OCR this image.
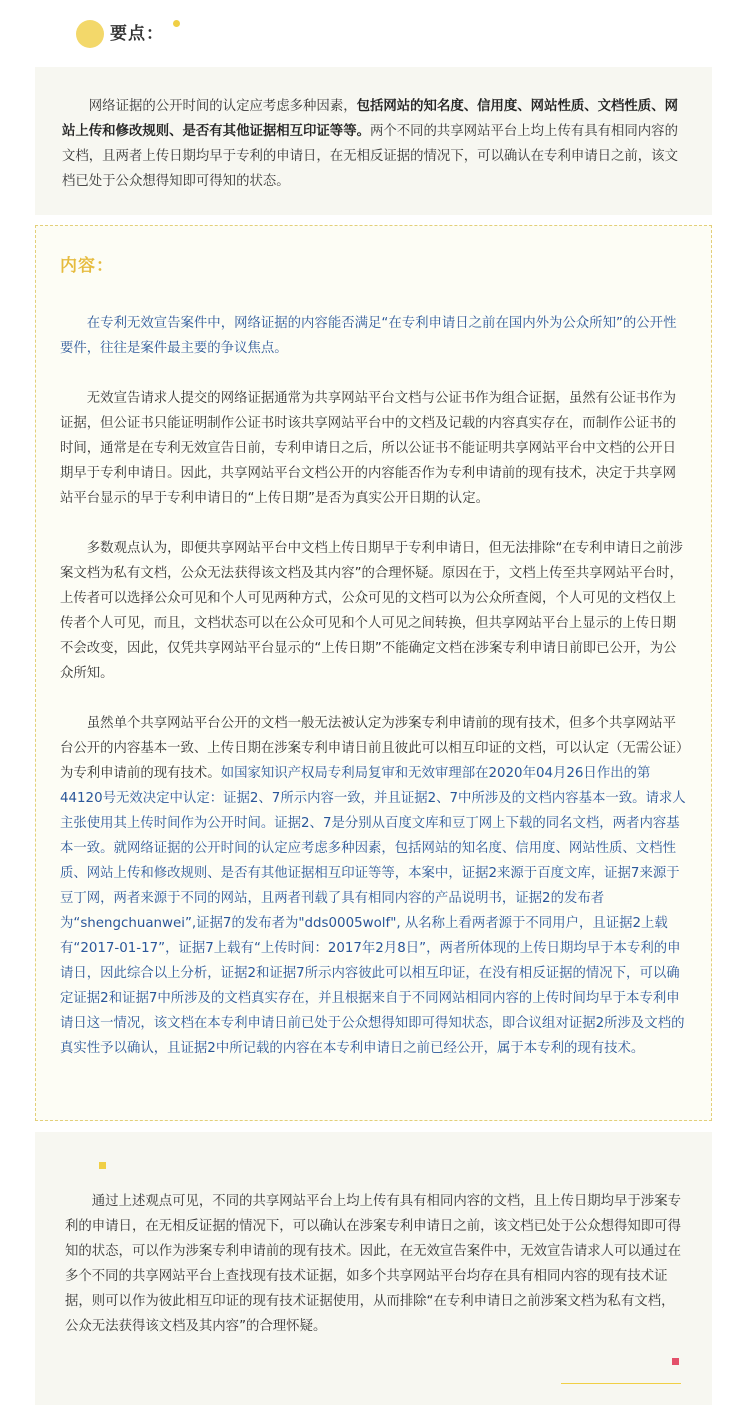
要点：

网络证据的公开时间的认定应考虑多种因素，包括网站的知名度、信用度、网站性质、文档性质、网站上传和修改规则、是否有其他证据相互印证等等。两个不同的共享网站平台上均上传有具有相同内容的文档，且两者上传日期均早于专利的申请日，在无相反证据的情况下，可以确认在专利申请日之前，该文档已处于公众想得知即可得知的状态。

内容：

在专利无效宣告案件中，网络证据的内容能否满足“在专利申请日之前在国内外为公众所知”的公开性要件，往往是案件最主要的争议焦点。

无效宣告请求人提交的网络证据通常为共享网站平台文档与公证书作为组合证据，虽然有公证书作为证据，但公证书只能证明制作公证书时该共享网站平台中的文档及记载的内容真实存在，而制作公证书的时间，通常是在专利无效宣告日前，专利申请日之后，所以公证书不能证明共享网站平台中文档的公开日期早于专利申请日。因此，共享网站平台文档公开的内容能否作为专利申请前的现有技术，决定于共享网站平台显示的早于专利申请日的“上传日期”是否为真实公开日期的认定。

多数观点认为，即便共享网站平台中文档上传日期早于专利申请日，但无法排除“在专利申请日之前涉案文档为私有文档，公众无法获得该文档及其内容”的合理怀疑。原因在于，文档上传至共享网站平台时，上传者可以选择公众可见和个人可见两种方式，公众可见的文档可以为公众所查阅，个人可见的文档仅上传者个人可见，而且，文档状态可以在公众可见和个人可见之间转换，但共享网站平台上显示的上传日期不会改变，因此，仅凭共享网站平台显示的“上传日期”不能确定文档在涉案专利申请日前即已公开，为公众所知。

虽然单个共享网站平台公开的文档一般无法被认定为涉案专利申请前的现有技术，但多个共享网站平台公开的内容基本一致、上传日期在涉案专利申请日前且彼此可以相互印证的文档，可以认定（无需公证）为专利申请前的现有技术。如国家知识产权局专利局复审和无效审理部在2020年04月26日作出的第44120号无效决定中认定：证据2、7所示内容一致，并且证据2、7中所涉及的文档内容基本一致。请求人主张使用其上传时间作为公开时间。证据2、7是分别从百度文库和豆丁网上下载的同名文档，两者内容基本一致。就网络证据的公开时间的认定应考虑多种因素，包括网站的知名度、信用度、网站性质、文档性质、网站上传和修改规则、是否有其他证据相互印证等等，本案中，证据2来源于百度文库，证据7来源于豆丁网，两者来源于不同的网站，且两者刊载了具有相同内容的产品说明书，证据2的发布者为“shengchuanwei”,证据7的发布者为"dds0005wolf", 从名称上看两者源于不同用户，且证据2上载有“2017-01-17”，证据7上载有“上传时间：2017年2月8日”，两者所体现的上传日期均早于本专利的申请日，因此综合以上分析，证据2和证据7所示内容彼此可以相互印证，在没有相反证据的情况下，可以确定证据2和证据7中所涉及的文档真实存在，并且根据来自于不同网站相同内容的上传时间均早于本专利申请日这一情况，该文档在本专利申请日前已处于公众想得知即可得知状态，即合议组对证据2所涉及文档的真实性予以确认，且证据2中所记载的内容在本专利申请日之前已经公开，属于本专利的现有技术。

通过上述观点可见，不同的共享网站平台上均上传有具有相同内容的文档，且上传日期均早于涉案专利的申请日，在无相反证据的情况下，可以确认在涉案专利申请日之前，该文档已处于公众想得知即可得知的状态，可以作为涉案专利申请前的现有技术。因此，在无效宣告案件中，无效宣告请求人可以通过在多个不同的共享网站平台上查找现有技术证据，如多个共享网站平台均存在具有相同内容的现有技术证据，则可以作为彼此相互印证的现有技术证据使用，从而排除“在专利申请日之前涉案文档为私有文档，公众无法获得该文档及其内容”的合理怀疑。
